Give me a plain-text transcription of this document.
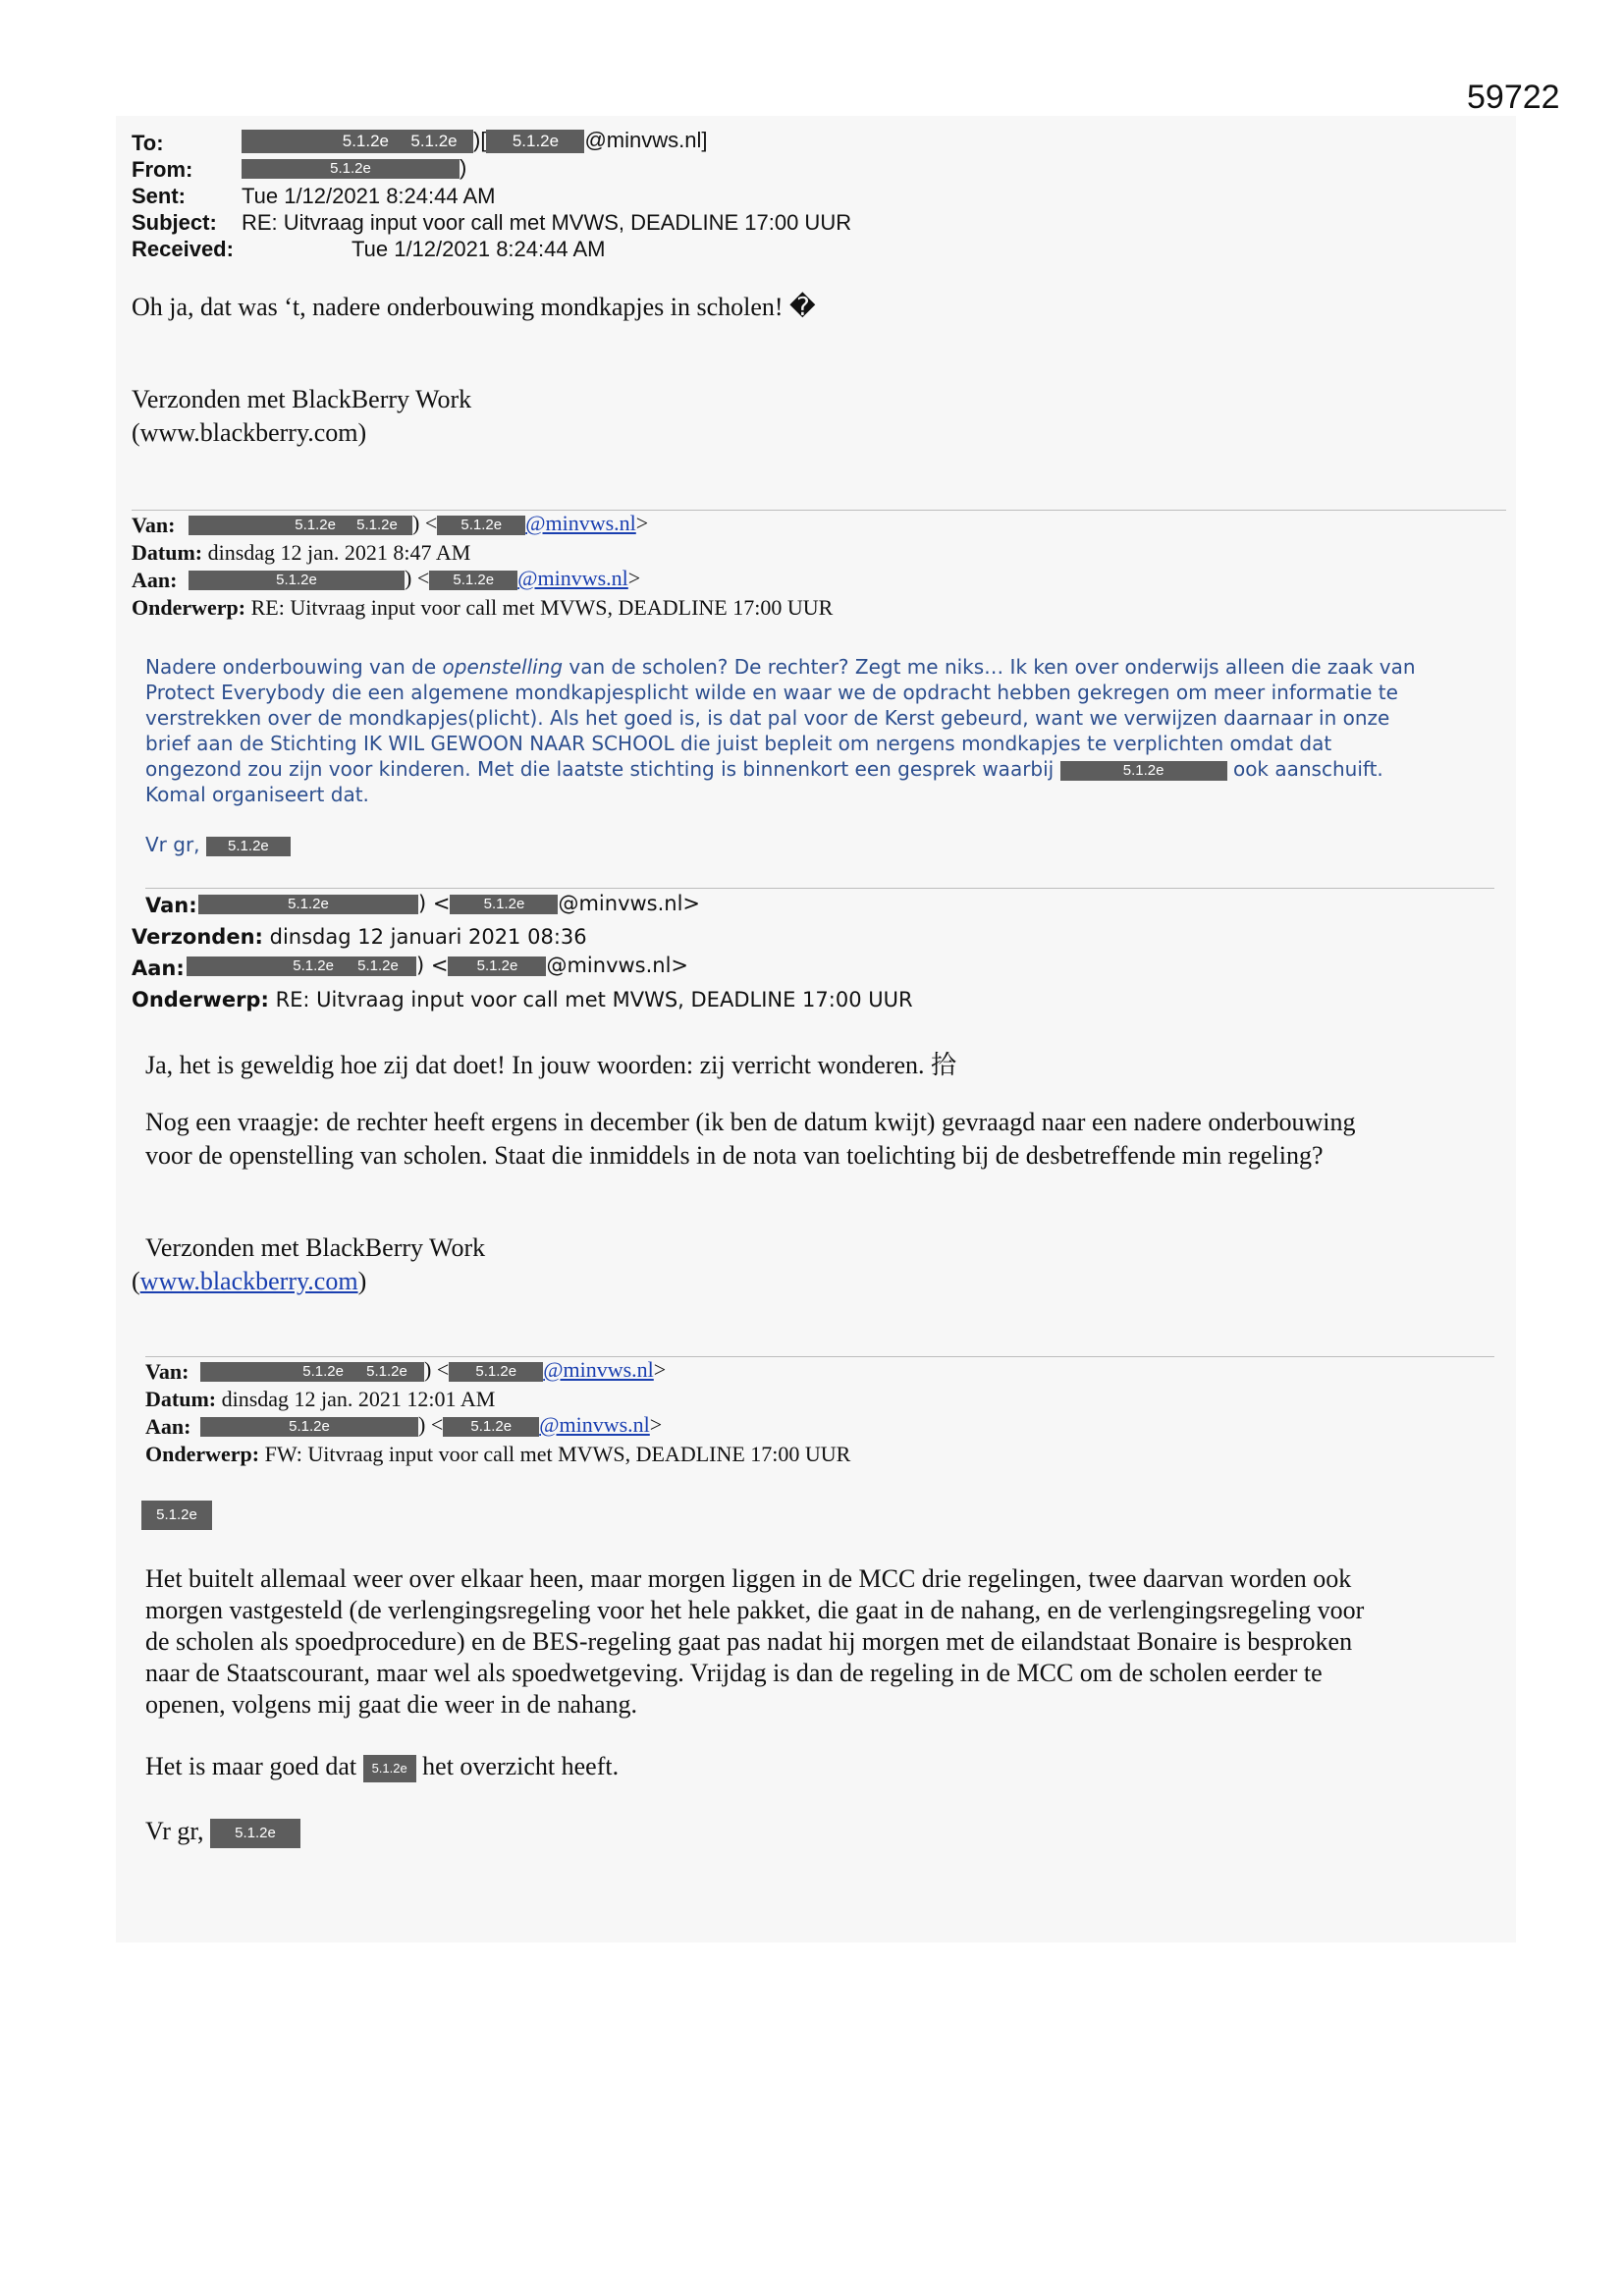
59722
To:	5.1.2e 5.1.2e )[ 5.1.2e @minvws.nl]
From:	5.1.2e	)
Sent:	Tue 1/12/2021 8:24:44 AM
Subject: RE: Uitvraag input voor call met MVWS, DEADLINE 17:00 UUR
Received:	Tue 1/12/2021 8:24:44 AM
Oh ja, dat was ‘t, nadere onderbouwing mondkapjes in scholen! �
Verzonden met BlackBerry Work
(www.blackberry.com)
Van:	5.1.2e 5.1.2e ) < 5.1.2e @minvws.nl>
Datum: dinsdag 12 jan. 2021 8:47 AM
Aan:	5.1.2e	) < 5.1.2e @minvws.nl>
Onderwerp: RE: Uitvraag input voor call met MVWS, DEADLINE 17:00 UUR
Nadere onderbouwing van de openstelling van de scholen? De rechter? Zegt me niks… Ik ken over onderwijs alleen die zaak van
Protect Everybody die een algemene mondkapjesplicht wilde en waar we de opdracht hebben gekregen om meer informatie te
verstrekken over de mondkapjes(plicht). Als het goed is, is dat pal voor de Kerst gebeurd, want we verwijzen daarnaar in onze
brief aan de Stichting IK WIL GEWOON NAAR SCHOOL die juist bepleit om nergens mondkapjes te verplichten omdat dat
ongezond zou zijn voor kinderen. Met die laatste stichting is binnenkort een gesprek waarbij	5.1.2e	ook aanschuift.
Komal organiseert dat.
Vr gr, 5.1.2e
Van:	5.1.2e	) < 5.1.2e @minvws.nl>
Verzonden: dinsdag 12 januari 2021 08:36
Aan:	5.1.2e 5.1.2e ) < 5.1.2e @minvws.nl>
Onderwerp: RE: Uitvraag input voor call met MVWS, DEADLINE 17:00 UUR
Ja, het is geweldig hoe zij dat doet! In jouw woorden: zij verricht wonderen. 拾
Nog een vraagje: de rechter heeft ergens in december (ik ben de datum kwijt) gevraagd naar een nadere onderbouwing
voor de openstelling van scholen. Staat die inmiddels in de nota van toelichting bij de desbetreffende min regeling?
Verzonden met BlackBerry Work
(www.blackberry.com)
Van:	5.1.2e 5.1.2e ) < 5.1.2e @minvws.nl>
Datum: dinsdag 12 jan. 2021 12:01 AM
Aan:	5.1.2e	) < 5.1.2e @minvws.nl>
Onderwerp: FW: Uitvraag input voor call met MVWS, DEADLINE 17:00 UUR
5.1.2e
Het buitelt allemaal weer over elkaar heen, maar morgen liggen in de MCC drie regelingen, twee daarvan worden ook
morgen vastgesteld (de verlengingsregeling voor het hele pakket, die gaat in de nahang, en de verlengingsregeling voor
de scholen als spoedprocedure) en de BES-regeling gaat pas nadat hij morgen met de eilandstaat Bonaire is besproken
naar de Staatscourant, maar wel als spoedwetgeving. Vrijdag is dan de regeling in de MCC om de scholen eerder te
openen, volgens mij gaat die weer in de nahang.
Het is maar goed dat 5.1.2e het overzicht heeft.
Vr gr, 5.1.2e
